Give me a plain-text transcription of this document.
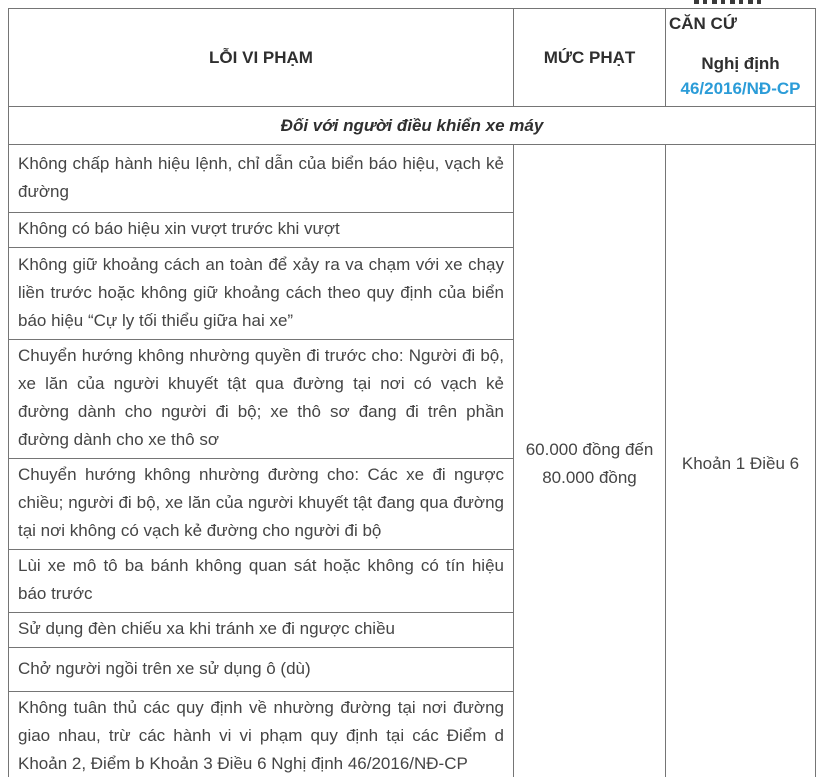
LỖI VI PHẠM	MỨC PHẠT	CĂN CỨ
Nghị định
46/2016/NĐ-CP

Đối với người điều khiển xe máy		
Không chấp hành hiệu lệnh, chỉ dẫn của biển báo hiệu, vạch kẻ đường	60.000 đồng đến 80.000 đồng	Khoản 1 Điều 6
Không có báo hiệu xin vượt trước khi vượt		
Không giữ khoảng cách an toàn để xảy ra va chạm với xe chạy liền trước hoặc không giữ khoảng cách theo quy định của biển báo hiệu “Cự ly tối thiểu giữa hai xe”		
Chuyển hướng không nhường quyền đi trước cho: Người đi bộ, xe lăn của người khuyết tật qua đường tại nơi có vạch kẻ đường dành cho người đi bộ; xe thô sơ đang đi trên phần đường dành cho xe thô sơ		
Chuyển hướng không nhường đường cho: Các xe đi ngược chiều; người đi bộ, xe lăn của người khuyết tật đang qua đường tại nơi không có vạch kẻ đường cho người đi bộ		
Lùi xe mô tô ba bánh không quan sát hoặc không có tín hiệu báo trước		
Sử dụng đèn chiếu xa khi tránh xe đi ngược chiều		
Chở người ngồi trên xe sử dụng ô (dù)		
Không tuân thủ các quy định về nhường đường tại nơi đường giao nhau, trừ các hành vi vi phạm quy định tại các Điểm d Khoản 2, Điểm b Khoản 3 Điều 6 Nghị định 46/2016/NĐ-CP		
